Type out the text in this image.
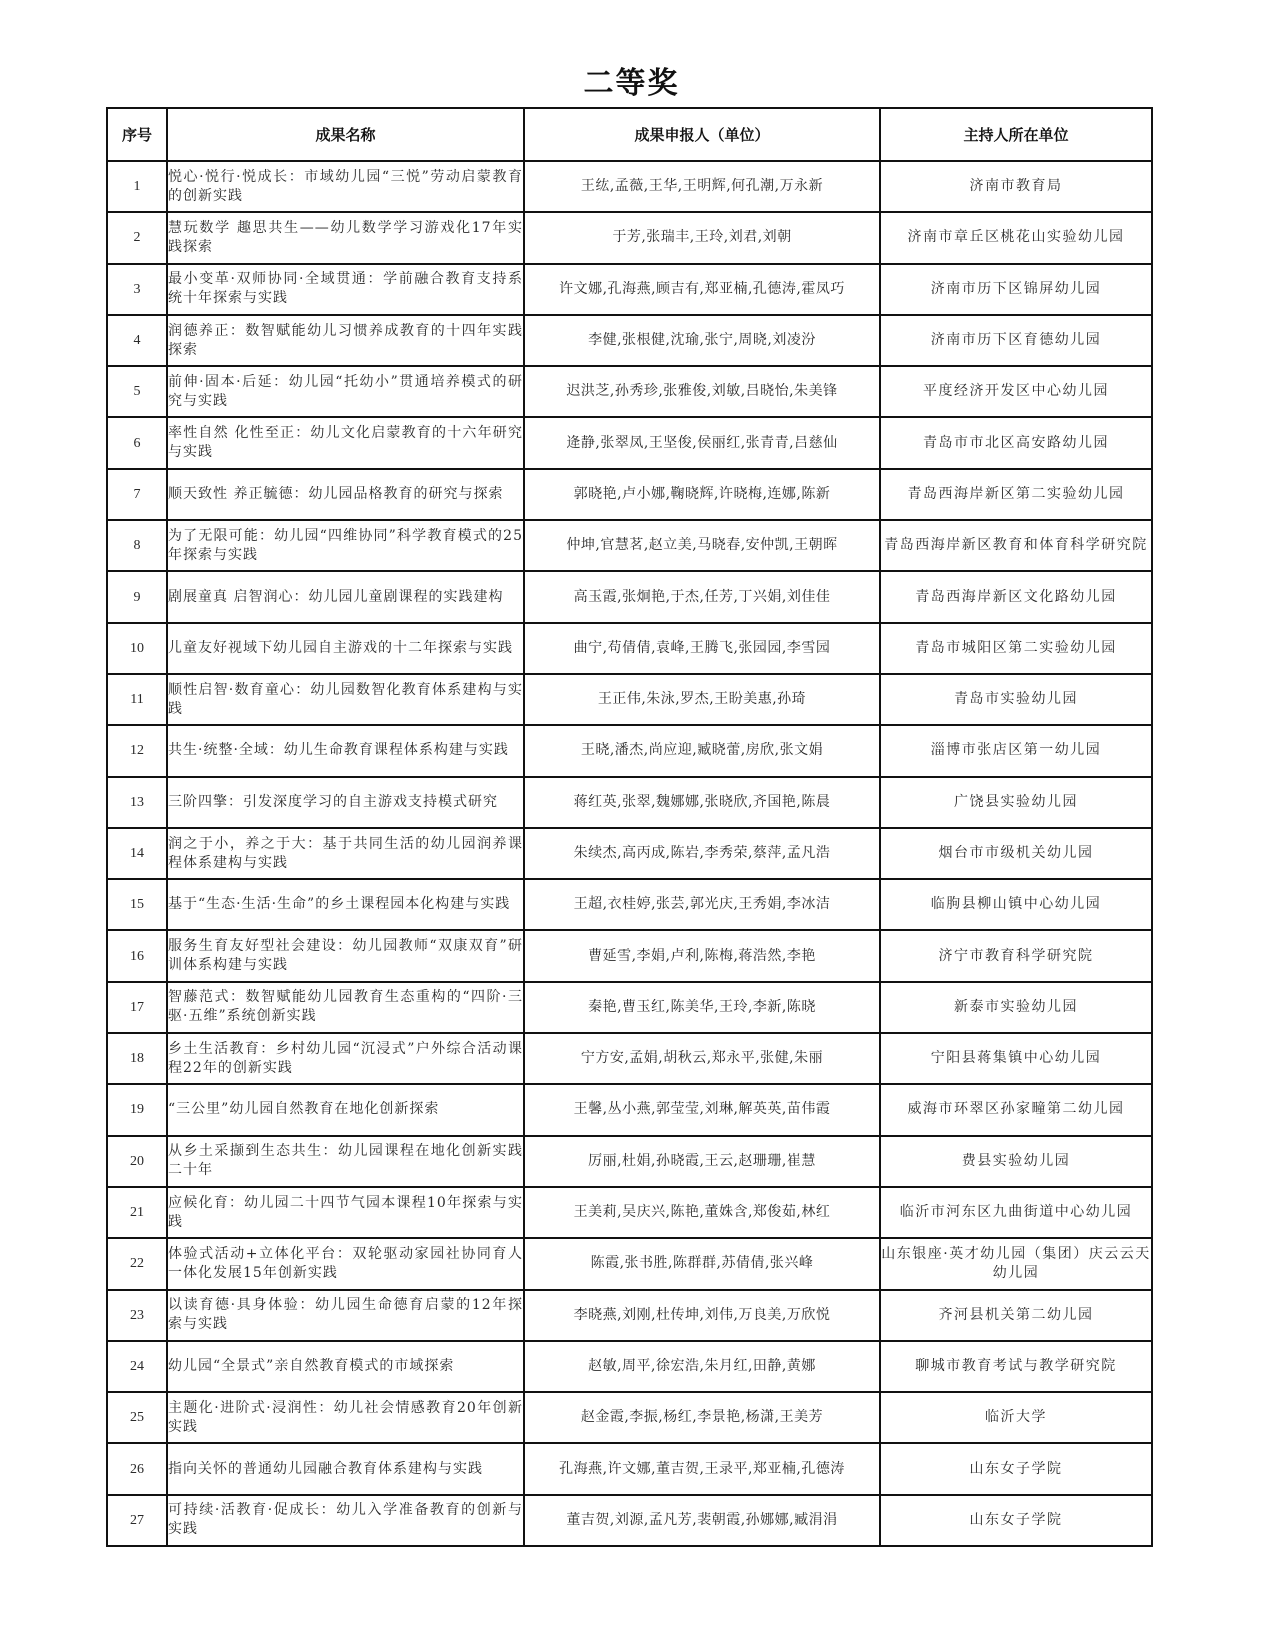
二等奖
序号	成果名称	成果申报人（单位）	主持人所在单位
1	悦心·悦行·悦成长：市域幼儿园“三悦”劳动启蒙教育的创新实践	王纮,孟薇,王华,王明辉,何孔潮,万永新	济南市教育局
2	慧玩数学 趣思共生——幼儿数学学习游戏化17年实践探索	于芳,张瑞丰,王玲,刘君,刘朝	济南市章丘区桃花山实验幼儿园
3	最小变革·双师协同·全域贯通：学前融合教育支持系统十年探索与实践	许文娜,孔海燕,顾吉有,郑亚楠,孔德涛,霍凤巧	济南市历下区锦屏幼儿园
4	润德养正：数智赋能幼儿习惯养成教育的十四年实践探索	李健,张根健,沈瑜,张宁,周晓,刘凌汾	济南市历下区育德幼儿园
5	前伸·固本·后延：幼儿园“托幼小”贯通培养模式的研究与实践	迟洪芝,孙秀珍,张雅俊,刘敏,吕晓怡,朱美锋	平度经济开发区中心幼儿园
6	率性自然 化性至正：幼儿文化启蒙教育的十六年研究与实践	逄静,张翠凤,王坚俊,侯丽红,张青青,吕慈仙	青岛市市北区高安路幼儿园
7	顺天致性 养正毓德：幼儿园品格教育的研究与探索	郭晓艳,卢小娜,鞠晓辉,许晓梅,连娜,陈新	青岛西海岸新区第二实验幼儿园
8	为了无限可能：幼儿园“四维协同”科学教育模式的25年探索与实践	仲坤,官慧茗,赵立美,马晓春,安仲凯,王朝晖	青岛西海岸新区教育和体育科学研究院
9	剧展童真 启智润心：幼儿园儿童剧课程的实践建构	高玉霞,张炯艳,于杰,任芳,丁兴娟,刘佳佳	青岛西海岸新区文化路幼儿园
10	儿童友好视域下幼儿园自主游戏的十二年探索与实践	曲宁,苟倩倩,袁峰,王腾飞,张园园,李雪园	青岛市城阳区第二实验幼儿园
11	顺性启智·数育童心：幼儿园数智化教育体系建构与实践	王正伟,朱泳,罗杰,王盼美惠,孙琦	青岛市实验幼儿园
12	共生·统整·全域：幼儿生命教育课程体系构建与实践	王晓,潘杰,尚应迎,臧晓蕾,房欣,张文娟	淄博市张店区第一幼儿园
13	三阶四擎：引发深度学习的自主游戏支持模式研究	蒋红英,张翠,魏娜娜,张晓欣,齐国艳,陈晨	广饶县实验幼儿园
14	润之于小，养之于大：基于共同生活的幼儿园润养课程体系建构与实践	朱续杰,高丙成,陈岩,李秀荣,蔡萍,孟凡浩	烟台市市级机关幼儿园
15	基于“生态·生活·生命”的乡土课程园本化构建与实践	王超,衣桂婷,张芸,郭光庆,王秀娟,李冰洁	临朐县柳山镇中心幼儿园
16	服务生育友好型社会建设：幼儿园教师“双康双育”研训体系构建与实践	曹延雪,李娟,卢利,陈梅,蒋浩然,李艳	济宁市教育科学研究院
17	智藤范式：数智赋能幼儿园教育生态重构的“四阶·三驱·五维”系统创新实践	秦艳,曹玉红,陈美华,王玲,李新,陈晓	新泰市实验幼儿园
18	乡土生活教育：乡村幼儿园“沉浸式”户外综合活动课程22年的创新实践	宁方安,孟娟,胡秋云,郑永平,张健,朱丽	宁阳县蒋集镇中心幼儿园
19	“三公里”幼儿园自然教育在地化创新探索	王馨,丛小燕,郭莹莹,刘琳,解英英,苗伟霞	威海市环翠区孙家疃第二幼儿园
20	从乡土采撷到生态共生：幼儿园课程在地化创新实践二十年	厉丽,杜娟,孙晓霞,王云,赵珊珊,崔慧	费县实验幼儿园
21	应候化育：幼儿园二十四节气园本课程10年探索与实践	王美莉,吴庆兴,陈艳,董姝含,郑俊茹,林红	临沂市河东区九曲街道中心幼儿园
22	体验式活动+立体化平台：双轮驱动家园社协同育人一体化发展15年创新实践	陈霞,张书胜,陈群群,苏倩倩,张兴峰	山东银座·英才幼儿园（集团）庆云云天幼儿园
23	以读育德·具身体验：幼儿园生命德育启蒙的12年探索与实践	李晓燕,刘刚,杜传坤,刘伟,万良美,万欣悦	齐河县机关第二幼儿园
24	幼儿园“全景式”亲自然教育模式的市域探索	赵敏,周平,徐宏浩,朱月红,田静,黄娜	聊城市教育考试与教学研究院
25	主题化·进阶式·浸润性：幼儿社会情感教育20年创新实践	赵金霞,李振,杨红,李景艳,杨潇,王美芳	临沂大学
26	指向关怀的普通幼儿园融合教育体系建构与实践	孔海燕,许文娜,董吉贺,王录平,郑亚楠,孔德涛	山东女子学院
27	可持续·活教育·促成长：幼儿入学准备教育的创新与实践	董吉贺,刘源,孟凡芳,裴朝霞,孙娜娜,臧涓涓	山东女子学院
